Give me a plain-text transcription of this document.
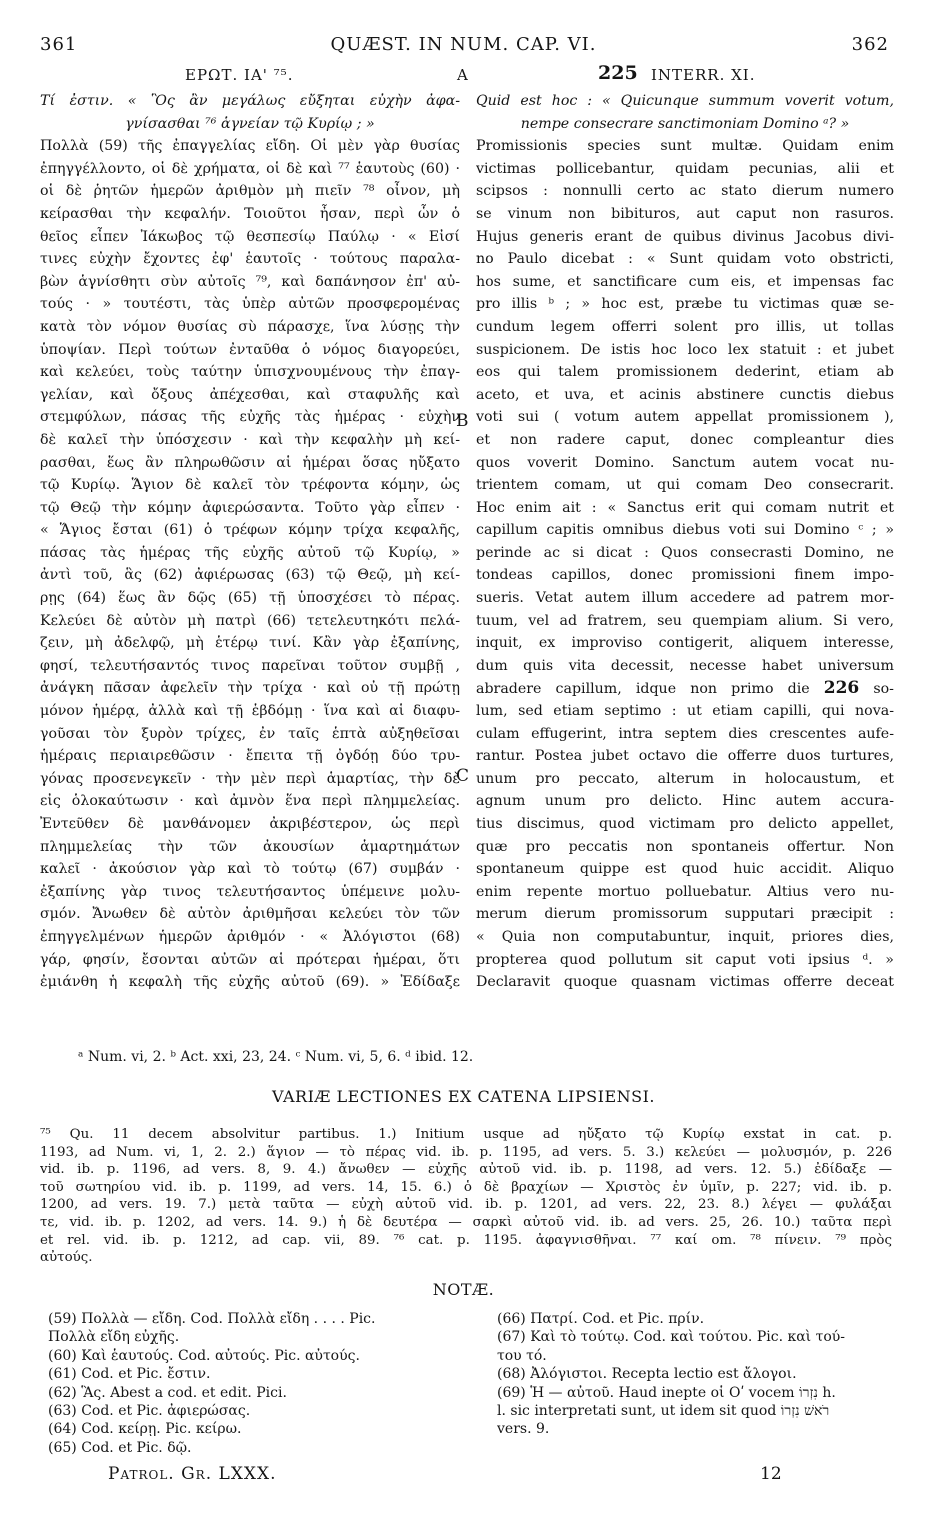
361	QUÆST. IN NUM. CAP. VI.	362
ΕΡΩΤ. ΙΑ' ⁷⁵.	A	225 INTERR. XI.
Τί ἐστιν. « Ὃς ἂν μεγάλως εὔξηται εὐχὴν ἀφα-
γνίσασθαι ⁷⁶ ἁγνείαν τῷ Κυρίῳ ; »
Πολλὰ (59) τῆς ἐπαγγελίας εἴδη. Οἱ μὲν γὰρ θυσίας
ἐπηγγέλλοντο, οἱ δὲ χρήματα, οἱ δὲ καὶ ⁷⁷ ἑαυτοὺς (60) ·
οἱ δὲ ῥητῶν ἡμερῶν ἀριθμὸν μὴ πιεῖν ⁷⁸ οἶνον, μὴ
κείρασθαι τὴν κεφαλήν. Τοιοῦτοι ἦσαν, περὶ ὧν ὁ
θεῖος εἶπεν Ἰάκωβος τῷ θεσπεσίῳ Παύλῳ · « Εἰσί
τινες εὐχὴν ἔχοντες ἐφ' ἑαυτοῖς · τούτους παραλα-
βὼν ἁγνίσθητι σὺν αὐτοῖς ⁷⁹, καὶ δαπάνησον ἐπ' αὐ-
τούς · » τουτέστι, τὰς ὑπὲρ αὐτῶν προσφερομένας
κατὰ τὸν νόμον θυσίας σὺ πάρασχε, ἵνα λύσῃς τὴν
ὑποψίαν. Περὶ τούτων ἐνταῦθα ὁ νόμος διαγορεύει,
καὶ κελεύει, τοὺς ταύτην ὑπισχνουμένους τὴν ἐπαγ-
γελίαν, καὶ ὄξους ἀπέχεσθαι, καὶ σταφυλῆς καὶ
στεμφύλων, πάσας τῆς εὐχῆς τὰς ἡμέρας · εὐχὴν
δὲ καλεῖ τὴν ὑπόσχεσιν · καὶ τὴν κεφαλὴν μὴ κεί-
ρασθαι, ἕως ἂν πληρωθῶσιν αἱ ἡμέραι ὅσας ηὔξατο
τῷ Κυρίῳ. Ἅγιον δὲ καλεῖ τὸν τρέφοντα κόμην, ὡς
τῷ Θεῷ τὴν κόμην ἀφιερώσαντα. Τοῦτο γὰρ εἶπεν ·
« Ἅγιος ἔσται (61) ὁ τρέφων κόμην τρίχα κεφαλῆς,
πάσας τὰς ἡμέρας τῆς εὐχῆς αὐτοῦ τῷ Κυρίῳ, »
ἀντὶ τοῦ, ἃς (62) ἀφιέρωσας (63) τῷ Θεῷ, μὴ κεί-
ρῃς (64) ἕως ἂν δῷς (65) τῇ ὑποσχέσει τὸ πέρας.
Κελεύει δὲ αὐτὸν μὴ πατρὶ (66) τετελευτηκότι πελά-
ζειν, μὴ ἀδελφῷ, μὴ ἑτέρῳ τινί. Κἂν γὰρ ἐξαπίνης,
φησί, τελευτήσαντός τινος παρεῖναι τοῦτον συμβῇ ,
ἀνάγκη πᾶσαν ἀφελεῖν τὴν τρίχα · καὶ οὐ τῇ πρώτῃ
μόνον ἡμέρᾳ, ἀλλὰ καὶ τῇ ἑβδόμῃ · ἵνα καὶ αἱ διαφυ-
γοῦσαι τὸν ξυρὸν τρίχες, ἐν ταῖς ἑπτὰ αὐξηθεῖσαι
ἡμέραις περιαιρεθῶσιν · ἔπειτα τῇ ὀγδόῃ δύο τρυ-
γόνας προσενεγκεῖν · τὴν μὲν περὶ ἁμαρτίας, τὴν δὲ
εἰς ὁλοκαύτωσιν · καὶ ἀμνὸν ἕνα περὶ πλημμελείας.
Ἐντεῦθεν δὲ μανθάνομεν ἀκριβέστερον, ὡς περὶ
πλημμελείας τὴν τῶν ἀκουσίων ἁμαρτημάτων
καλεῖ · ἀκούσιον γὰρ καὶ τὸ τούτῳ (67) συμβάν ·
ἐξαπίνης γὰρ τινος τελευτήσαντος ὑπέμεινε μολυ-
σμόν. Ἄνωθεν δὲ αὐτὸν ἀριθμῆσαι κελεύει τὸν τῶν
ἐπηγγελμένων ἡμερῶν ἀριθμόν · « Ἀλόγιστοι (68)
γάρ, φησίν, ἔσονται αὐτῶν αἱ πρότεραι ἡμέραι, ὅτι
ἐμιάνθη ἡ κεφαλὴ τῆς εὐχῆς αὐτοῦ (69). » Ἐδίδαξε
Quid est hoc : « Quicunque summum voverit votum,
nempe consecrare sanctimoniam Domino ᵃ? »
Promissionis species sunt multæ. Quidam enim
victimas pollicebantur, quidam pecunias, alii et
scipsos : nonnulli certo ac stato dierum numero
se vinum non bibituros, aut caput non rasuros.
Hujus generis erant de quibus divinus Jacobus divi-
no Paulo dicebat : « Sunt quidam voto obstricti,
hos sume, et sanctificare cum eis, et impensas fac
pro illis ᵇ ; » hoc est, præbe tu victimas quæ se-
cundum legem offerri solent pro illis, ut tollas
suspicionem. De istis hoc loco lex statuit : et jubet
eos qui talem promissionem dederint, etiam ab
aceto, et uva, et acinis abstinere cunctis diebus
voti sui ( votum autem appellat promissionem ),
et non radere caput, donec compleantur dies
quos voverit Domino. Sanctum autem vocat nu-
trientem comam, ut qui comam Deo consecrarit.
Hoc enim ait : « Sanctus erit qui comam nutrit et
capillum capitis omnibus diebus voti sui Domino ᶜ ; »
perinde ac si dicat : Quos consecrasti Domino, ne
tondeas capillos, donec promissioni finem impo-
sueris. Vetat autem illum accedere ad patrem mor-
tuum, vel ad fratrem, seu quempiam alium. Si vero,
inquit, ex improviso contigerit, aliquem interesse,
dum quis vita decessit, necesse habet universum
abradere capillum, idque non primo die 226 so-
lum, sed etiam septimo : ut etiam capilli, qui nova-
culam effugerint, intra septem dies crescentes aufe-
rantur. Postea jubet octavo die offerre duos turtures,
unum pro peccato, alterum in holocaustum, et
agnum unum pro delicto. Hinc autem accura-
tius discimus, quod victimam pro delicto appellet,
quæ pro peccatis non spontaneis offertur. Non
spontaneum quippe est quod huic accidit. Aliquo
enim repente mortuo polluebatur. Altius vero nu-
merum dierum promissorum supputari præcipit :
« Quia non computabuntur, inquit, priores dies,
propterea quod pollutum sit caput voti ipsius ᵈ. »
Declaravit quoque quasnam victimas offerre deceat
B
C
ᵃ Num. vi, 2. ᵇ Act. xxi, 23, 24. ᶜ Num. vi, 5, 6. ᵈ ibid. 12.
VARIÆ LECTIONES EX CATENA LIPSIENSI.
⁷⁵ Qu. 11 decem absolvitur partibus. 1.) Initium usque ad ηὔξατο τῷ Κυρίῳ exstat in cat. p.
1193, ad Num. vi, 1, 2. 2.) ἅγιον — τὸ πέρας vid. ib. p. 1195, ad vers. 5. 3.) κελεύει — μολυσμόν, p. 226
vid. ib. p. 1196, ad vers. 8, 9. 4.) ἄνωθεν — εὐχῆς αὐτοῦ vid. ib. p. 1198, ad vers. 12. 5.) ἐδίδαξε —
τοῦ σωτηρίου vid. ib. p. 1199, ad vers. 14, 15. 6.) ὁ δὲ βραχίων — Χριστὸς ἐν ὑμῖν, p. 227; vid. ib. p.
1200, ad vers. 19. 7.) μετὰ ταῦτα — εὐχὴ αὐτοῦ vid. ib. p. 1201, ad vers. 22, 23. 8.) λέγει — φυλάξαι
τε, vid. ib. p. 1202, ad vers. 14. 9.) ἡ δὲ δευτέρα — σαρκὶ αὐτοῦ vid. ib. ad vers. 25, 26. 10.) ταῦτα περὶ
et rel. vid. ib. p. 1212, ad cap. vii, 89. ⁷⁶ cat. p. 1195. ἀφαγνισθῆναι. ⁷⁷ καί om. ⁷⁸ πίνειν. ⁷⁹ πρὸς
αὐτούς.
NOTÆ.
(59) Πολλὰ — εἴδη. Cod. Πολλὰ εἴδη . . . . Pic.
Πολλὰ εἴδη εὐχῆς.
(60) Καὶ ἑαυτούς. Cod. αὐτούς. Pic. αὐτούς.
(61) Cod. et Pic. ἔστιν.
(62) Ἃς. Abest a cod. et edit. Pici.
(63) Cod. et Pic. ἀφιερώσας.
(64) Cod. κείρῃ. Pic. κείρω.
(65) Cod. et Pic. δῷ.
(66) Πατρί. Cod. et Pic. πρίν.
(67) Καὶ τὸ τούτῳ. Cod. καὶ τούτου. Pic. καὶ τού-
του τό.
(68) Ἀλόγιστοι. Recepta lectio est ἄλογοι.
(69) Ἡ — αὐτοῦ. Haud inepte οἱ Οʹ vocem נִזְרוֹ h.
l. sic interpretati sunt, ut idem sit quod רֹאשׁ נִזְרוֹ
vers. 9.
Patrol. Gr. LXXX.	12
